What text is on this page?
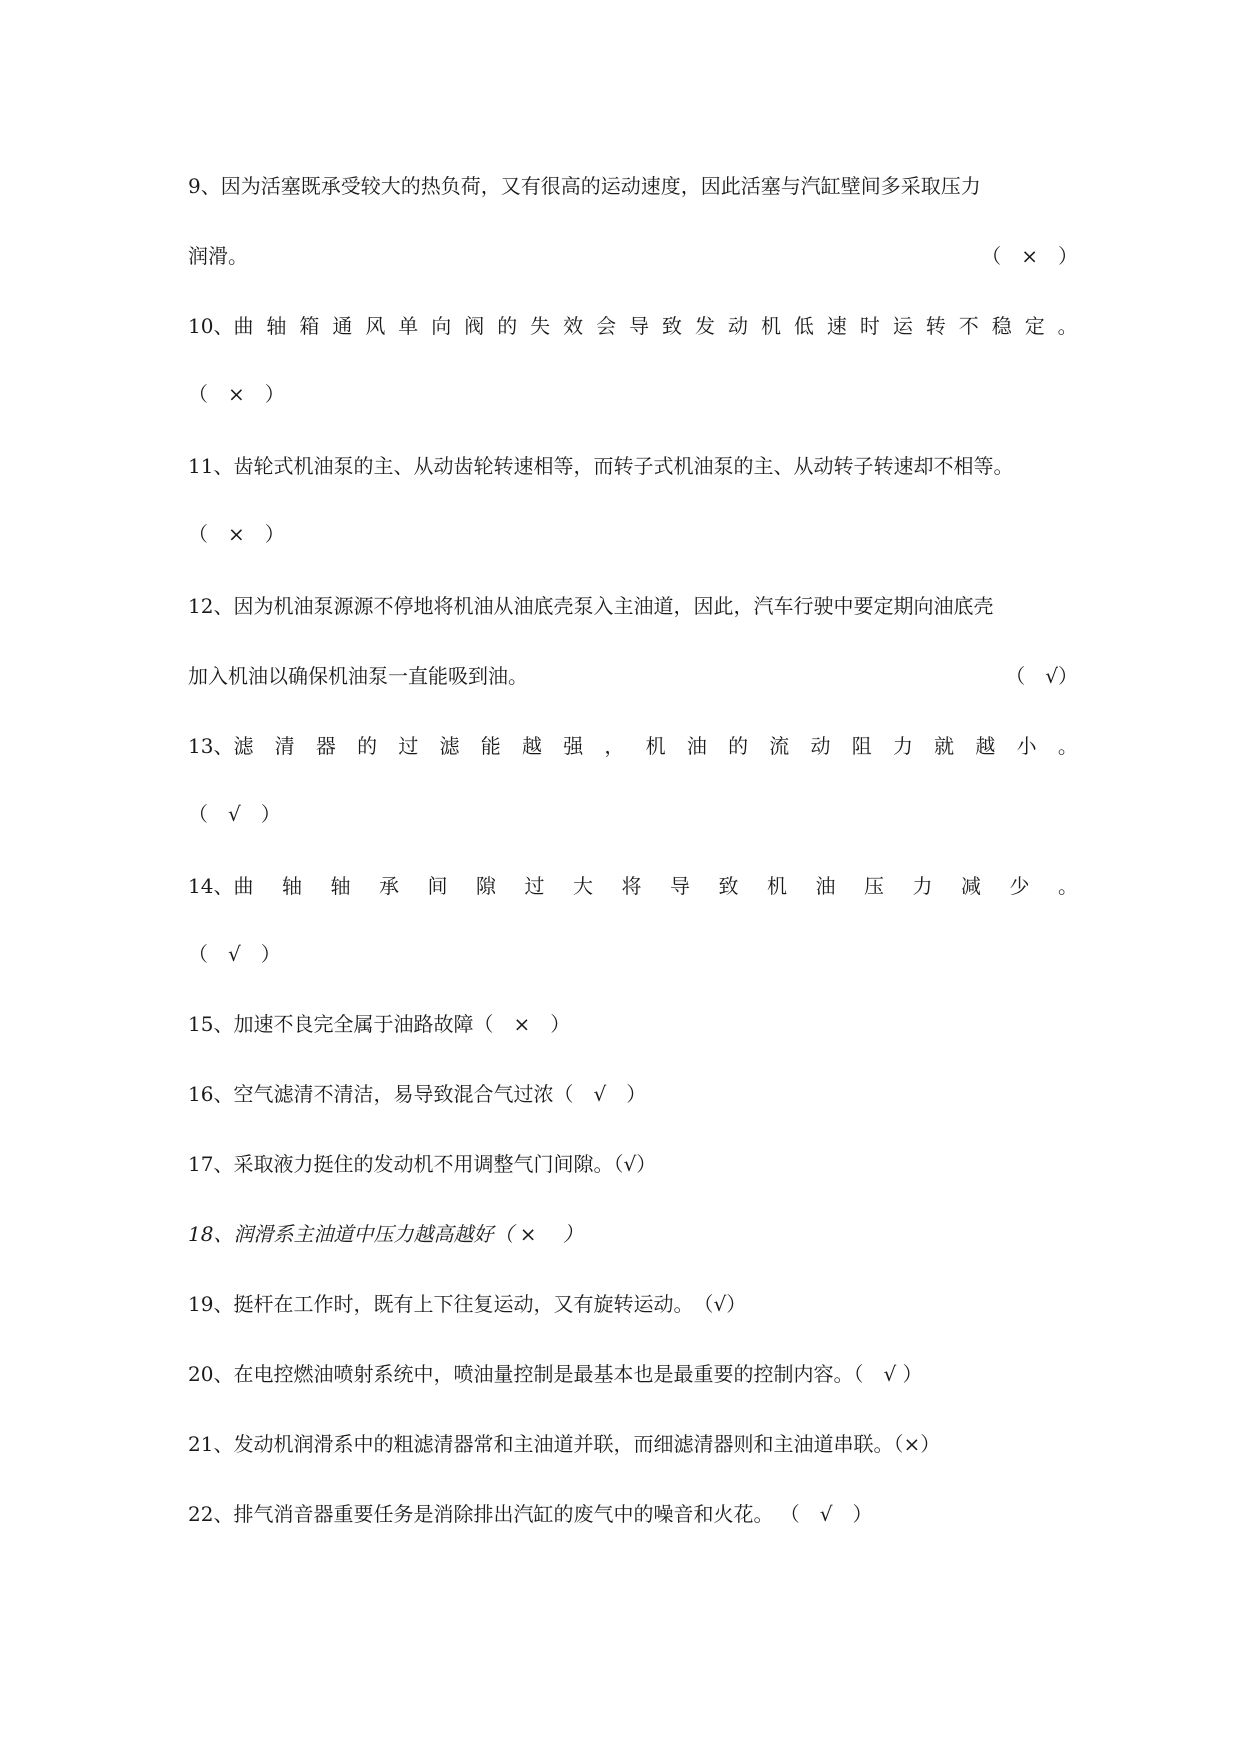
9、因为活塞既承受较大的热负荷，又有很高的运动速度，因此活塞与汽缸壁间多采取压力
润滑。	（　×　）
10、曲 轴 箱 通 风 单 向 阀 的 失 效 会 导 致 发 动 机 低 速 时 运 转 不 稳 定 。
（　×　）
11、齿轮式机油泵的主、从动齿轮转速相等，而转子式机油泵的主、从动转子转速却不相等。
（　×　）
12、因为机油泵源源不停地将机油从油底壳泵入主油道，因此，汽车行驶中要定期向油底壳
加入机油以确保机油泵一直能吸到油。	（　√）
13、滤 清 器 的 过 滤 能 越 强 ， 机 油 的 流 动 阻 力 就 越 小 。
（　√　）
14、曲 轴 轴 承 间 隙 过 大 将 导 致 机 油 压 力 减 少 。
（　√　）
15、加速不良完全属于油路故障（　×　）
16、空气滤清不清洁，易导致混合气过浓（　√　）
17、采取液力挺住的发动机不用调整气门间隙。（√）
18、润滑系主油道中压力越高越好（ ×　 ）
19、挺杆在工作时，既有上下往复运动，又有旋转运动。　（√）
20、在电控燃油喷射系统中，喷油量控制是最基本也是最重要的控制内容。（　√ ）
21、发动机润滑系中的粗滤清器常和主油道并联，而细滤清器则和主油道串联。（×）
22、排气消音器重要任务是消除排出汽缸的废气中的噪音和火花。 （　√　）
